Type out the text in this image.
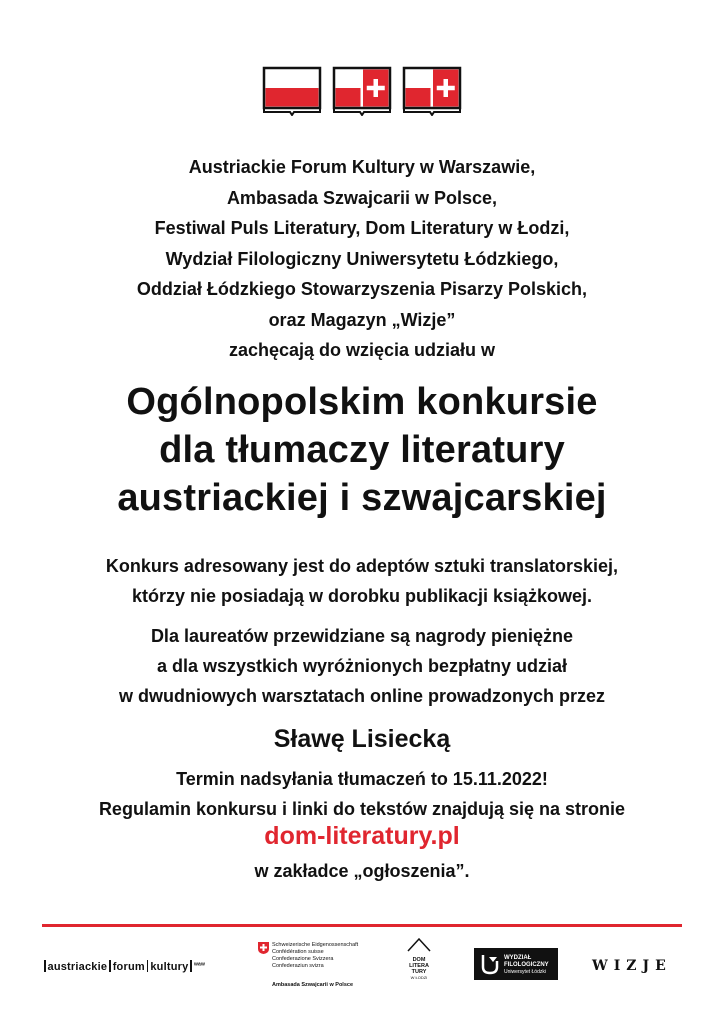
Austriackie Forum Kultury w Warszawie,
Ambasada Szwajcarii w Polsce,
Festiwal Puls Literatury, Dom Literatury w Łodzi,
Wydział Filologiczny Uniwersytetu Łódzkiego,
Oddział Łódzkiego Stowarzyszenia Pisarzy Polskich,
oraz Magazyn „Wizje”
zachęcają do wzięcia udziału w
Ogólnopolskim konkursie
dla tłumaczy literatury
austriackiej i szwajcarskiej
Konkurs adresowany jest do adeptów sztuki translatorskiej,
którzy nie posiadają w dorobku publikacji książkowej.
Dla laureatów przewidziane są nagrody pieniężne
a dla wszystkich wyróżnionych bezpłatny udział
w dwudniowych warsztatach online prowadzonych przez
Sławę Lisiecką
Termin nadsyłania tłumaczeń to 15.11.2022!
Regulamin konkursu i linki do tekstów znajdują się na stronie
dom-literatury.pl
w zakładce „ogłoszenia”.
austriackie forum kultury $^{waw}$
Schweizerische Eidgenossenschaft
Confédération suisse
Confederazione Svizzera
Confederaziun svizra
Ambasada Szwajcarii w Polsce
DOM
LITERA
TURY
W ŁODZI
WYDZIAŁ
FILOLOGICZNY
Uniwersytet Łódzki	WIZJE
